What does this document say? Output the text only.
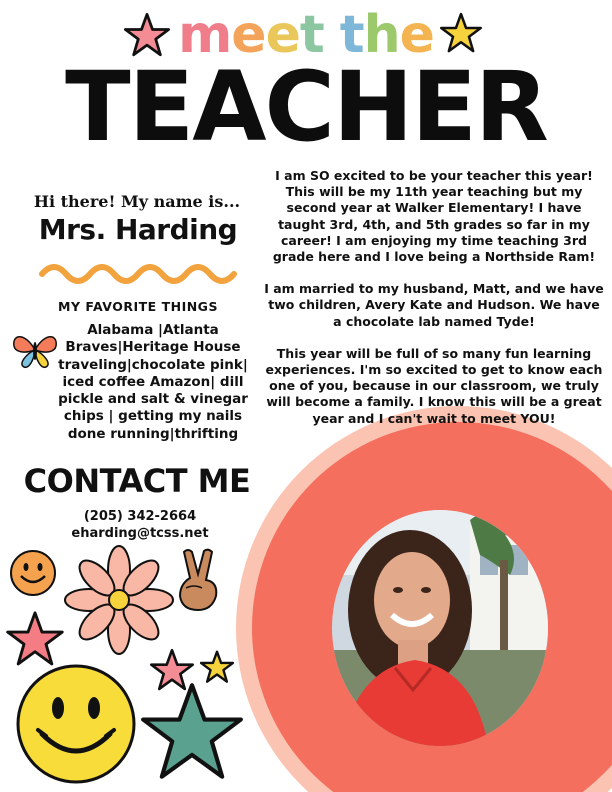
meet the
TEACHER
Hi there! My name is...
Mrs. Harding
MY FAVORITE THINGS
Alabama |Atlanta Braves|Heritage House traveling|chocolate pink| iced coffee Amazon| dill pickle and salt & vinegar chips | getting my nails done running|thrifting
CONTACT ME
(205) 342-2664
eharding@tcss.net

I am SO excited to be your teacher this year! This will be my 11th year teaching but my second year at Walker Elementary! I have taught 3rd, 4th, and 5th grades so far in my career! I am enjoying my time teaching 3rd grade here and I love being a Northside Ram!

I am married to my husband, Matt, and we have two children, Avery Kate and Hudson. We have a chocolate lab named Tyde!

This year will be full of so many fun learning experiences. I'm so excited to get to know each one of you, because in our classroom, we truly will become a family. I know this will be a great year and I can't wait to meet YOU!
